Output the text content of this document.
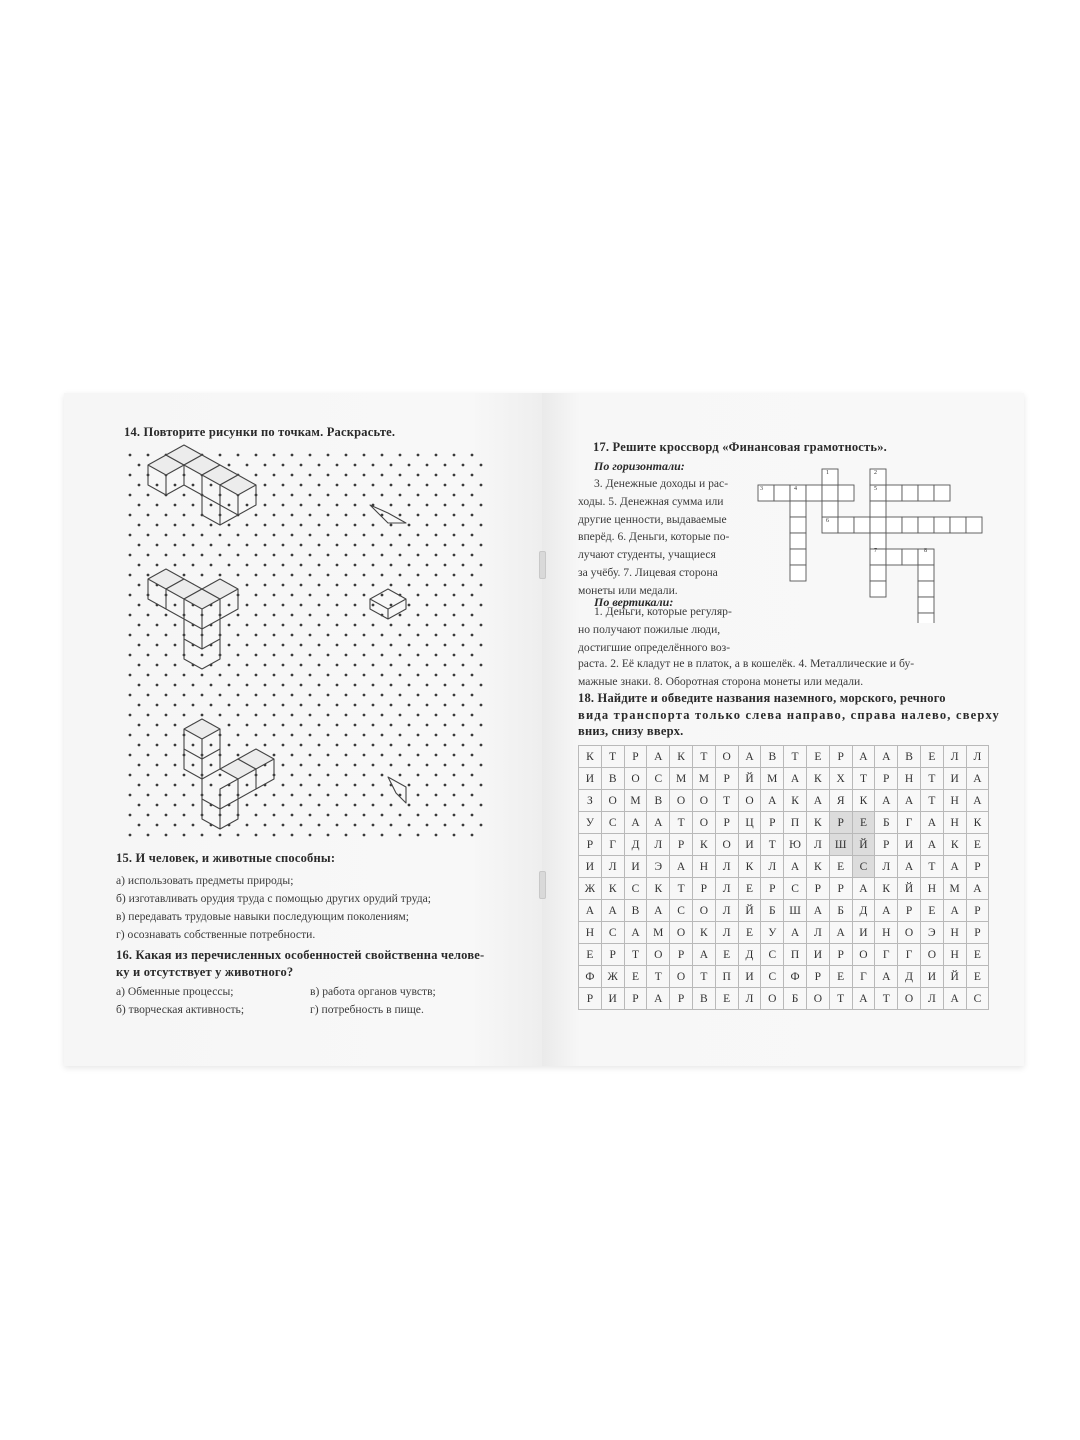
14. Повторите рисунки по точкам. Раскрасьте.
15. И человек, и животные способны:
а) использовать предметы природы;
б) изготавливать орудия труда с помощью других орудий труда;
в) передавать трудовые навыки последующим поколениям;
г) осознавать собственные потребности.
16. Какая из перечисленных особенностей свойственна челове-
ку и отсутствует у животного?
а) Обменные процессы;	в) работа органов чувств;
б) творческая активность;	г) потребность в пище.
17. Решите кроссворд «Финансовая грамотность».
По горизонтали:
3. Денежные доходы и рас-
ходы. 5. Денежная сумма или
другие ценности, выдаваемые
вперёд. 6. Деньги, которые по-
лучают студенты, учащиеся
за учёбу. 7. Лицевая сторона
монеты или медали.
По вертикали:
1. Деньги, которые регуляр-
но получают пожилые люди,
достигшие определённого воз-
раста. 2. Её кладут не в платок, а в кошелёк. 4. Металлические и бу-
мажные знаки. 8. Оборотная сторона монеты или медали.
1	2
3	4	5
6
7	8
18. Найдите и обведите названия наземного, морского, речного
вида транспорта только слева направо, справа налево, сверху
вниз, снизу вверх.
К	Т	Р	А	К	Т	О	А	В	Т	Е	Р	А	А	В	Е	Л	Л
И	В	О	С	М	М	Р	Й	М	А	К	Х	Т	Р	Н	Т	И	А
З	О	М	В	О	О	Т	О	А	К	А	Я	К	А	А	Т	Н	А
У	С	А	А	Т	О	Р	Ц	Р	П	К	Р	Е	Б	Г	А	Н	К
Р	Г	Д	Л	Р	К	О	И	Т	Ю	Л	Ш	Й	Р	И	А	К	Е
И	Л	И	Э	А	Н	Л	К	Л	А	К	Е	С	Л	А	Т	А	Р
Ж	К	С	К	Т	Р	Л	Е	Р	С	Р	Р	А	К	Й	Н	М	А
А	А	В	А	С	О	Л	Й	Б	Ш	А	Б	Д	А	Р	Е	А	Р
Н	С	А	М	О	К	Л	Е	У	А	Л	А	И	Н	О	Э	Н	Р
Е	Р	Т	О	Р	А	Е	Д	С	П	И	Р	О	Г	Г	О	Н	Е
Ф	Ж	Е	Т	О	Т	П	И	С	Ф	Р	Е	Г	А	Д	И	Й	Е
Р	И	Р	А	Р	В	Е	Л	О	Б	О	Т	А	Т	О	Л	А	С
